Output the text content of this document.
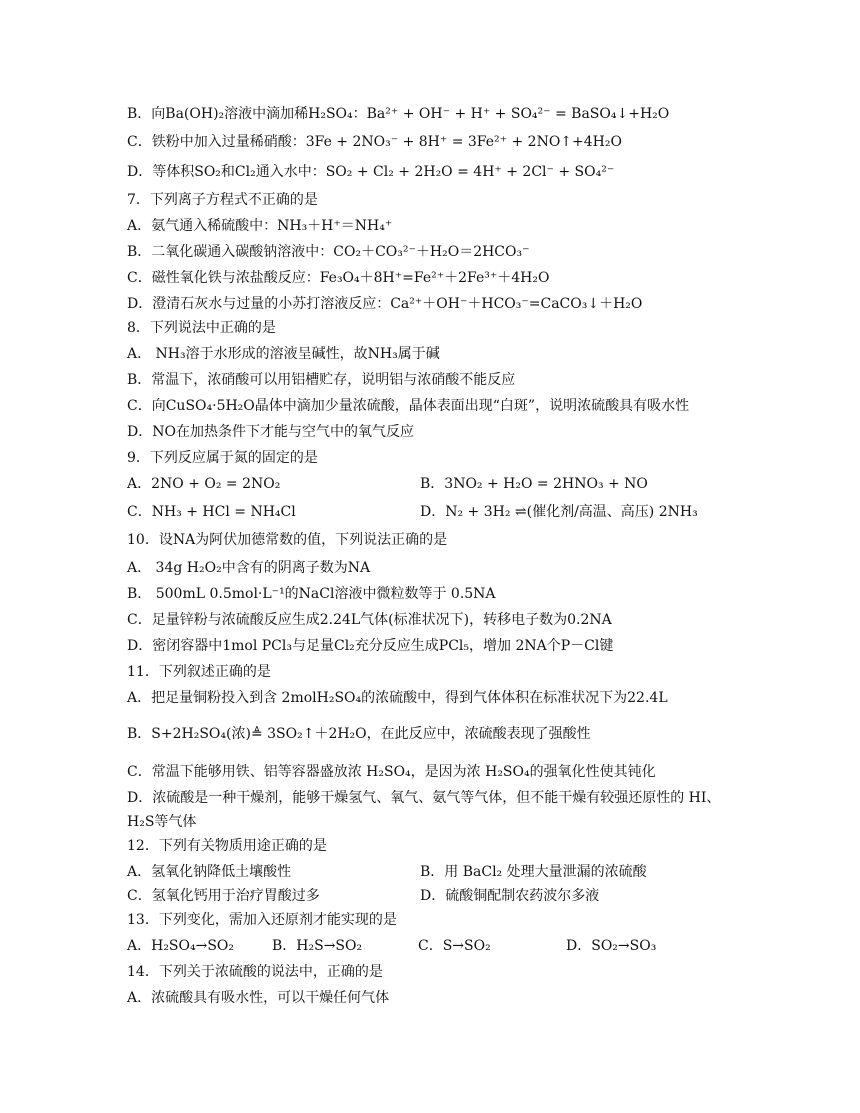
B．向Ba(OH)₂溶液中滴加稀H₂SO₄：Ba²⁺ + OH⁻ + H⁺ + SO₄²⁻ = BaSO₄↓+H₂O
C．铁粉中加入过量稀硝酸：3Fe + 2NO₃⁻ + 8H⁺ = 3Fe²⁺ + 2NO↑+4H₂O
D．等体积SO₂和Cl₂通入水中：SO₂ + Cl₂ + 2H₂O = 4H⁺ + 2Cl⁻ + SO₄²⁻
7．下列离子方程式不正确的是
A．氨气通入稀硫酸中：NH₃＋H⁺＝NH₄⁺
B．二氧化碳通入碳酸钠溶液中：CO₂＋CO₃²⁻＋H₂O＝2HCO₃⁻
C．磁性氧化铁与浓盐酸反应：Fe₃O₄＋8H⁺=Fe²⁺＋2Fe³⁺＋4H₂O
D．澄清石灰水与过量的小苏打溶液反应：Ca²⁺＋OH⁻＋HCO₃⁻=CaCO₃↓＋H₂O
8．下列说法中正确的是
A． NH₃溶于水形成的溶液呈碱性，故NH₃属于碱
B．常温下，浓硝酸可以用铝槽贮存，说明铝与浓硝酸不能反应
C．向CuSO₄·5H₂O晶体中滴加少量浓硫酸，晶体表面出现“白斑”，说明浓硫酸具有吸水性
D．NO在加热条件下才能与空气中的氧气反应
9．下列反应属于氮的固定的是
A．2NO + O₂ = 2NO₂	B．3NO₂ + H₂O = 2HNO₃ + NO
C．NH₃ + HCl = NH₄Cl	D．N₂ + 3H₂ ⇌(催化剂/高温、高压) 2NH₃
10．设NA为阿伏加德常数的值，下列说法正确的是
A． 34g H₂O₂中含有的阴离子数为NA
B． 500mL 0.5mol·L⁻¹的NaCl溶液中微粒数等于 0.5NA
C．足量锌粉与浓硫酸反应生成2.24L气体(标准状况下)，转移电子数为0.2NA
D．密闭容器中1mol PCl₃与足量Cl₂充分反应生成PCl₅，增加 2NA个P－Cl键
11．下列叙述正确的是
A．把足量铜粉投入到含 2molH₂SO₄的浓硫酸中，得到气体体积在标准状况下为22.4L
B．S+2H₂SO₄(浓)≜ 3SO₂↑＋2H₂O，在此反应中，浓硫酸表现了强酸性
C．常温下能够用铁、铝等容器盛放浓 H₂SO₄，是因为浓 H₂SO₄的强氧化性使其钝化
D．浓硫酸是一种干燥剂，能够干燥氢气、氧气、氨气等气体，但不能干燥有较强还原性的 HI、
H₂S等气体
12．下列有关物质用途正确的是
A．氢氧化钠降低土壤酸性	B．用 BaCl₂ 处理大量泄漏的浓硫酸
C．氢氧化钙用于治疗胃酸过多	D．硫酸铜配制农药波尔多液
13．下列变化，需加入还原剂才能实现的是
A．H₂SO₄→SO₂	B．H₂S→SO₂	C．S→SO₂	D．SO₂→SO₃
14．下列关于浓硫酸的说法中，正确的是
A．浓硫酸具有吸水性，可以干燥任何气体
